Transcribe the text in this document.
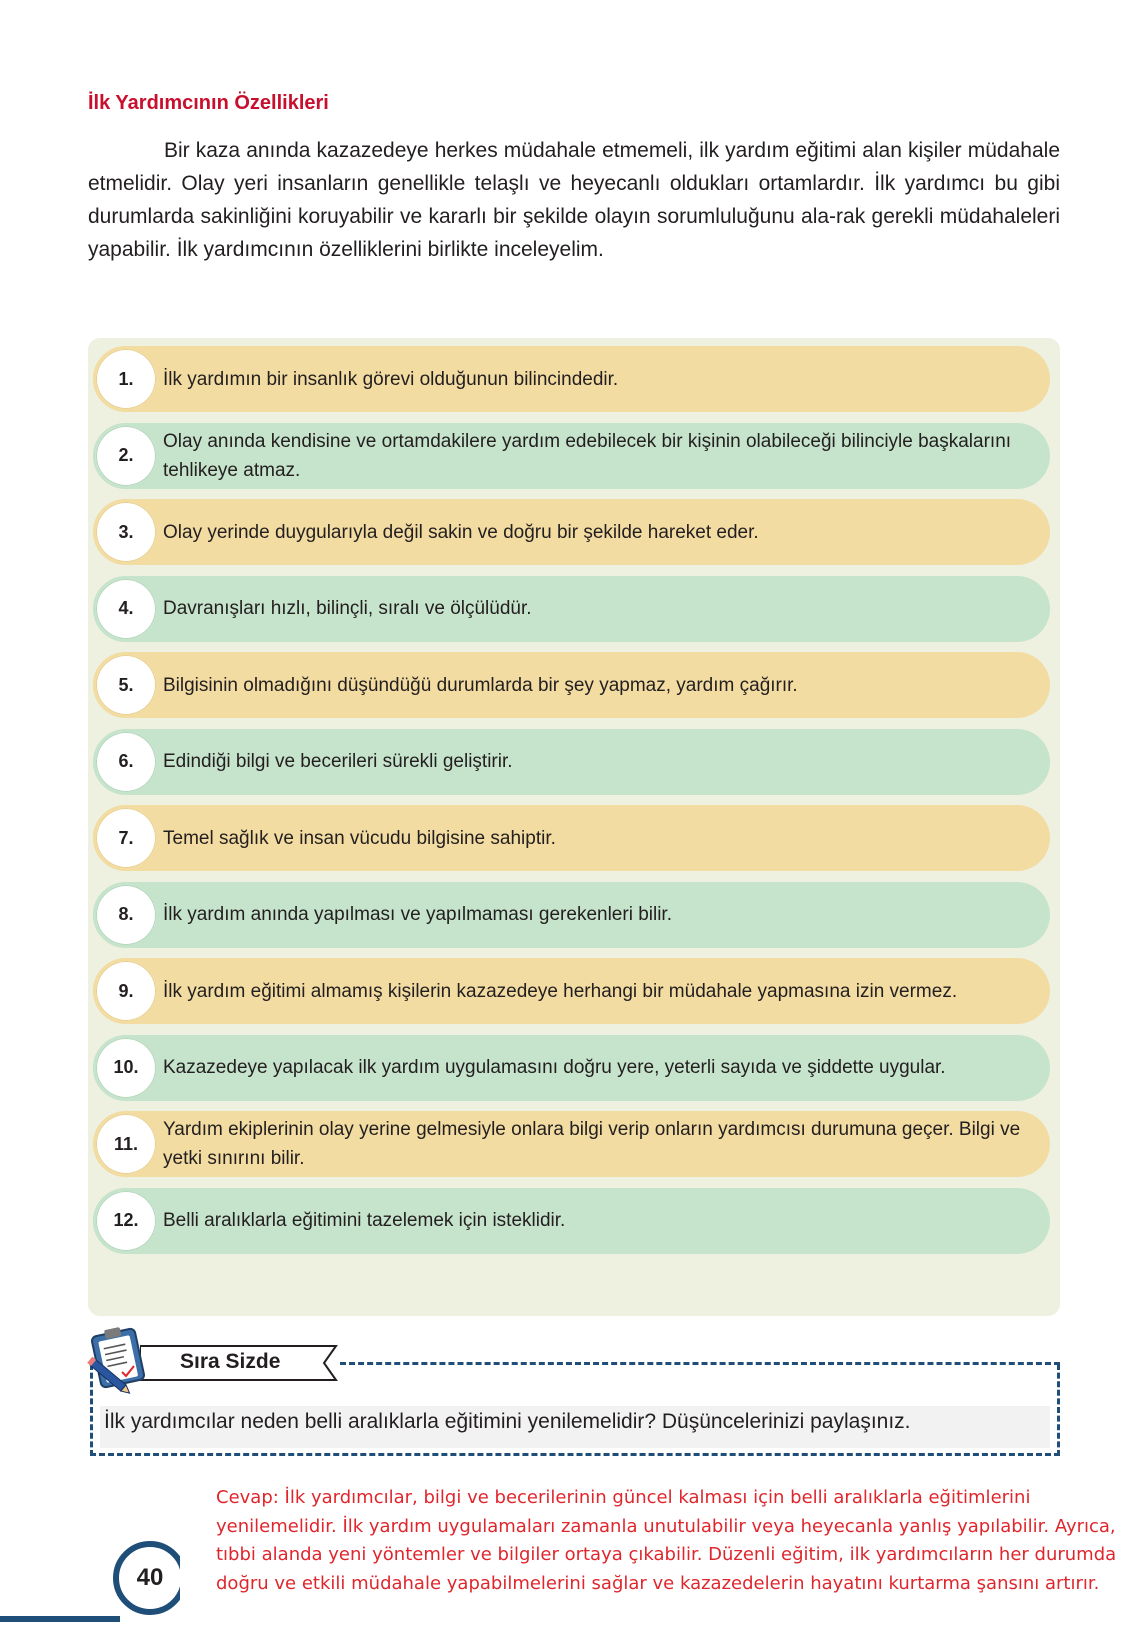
İlk Yardımcının Özellikleri

Bir kaza anında kazazedeye herkes müdahale etmemeli, ilk yardım eğitimi alan kişiler müdahale etmelidir. Olay yeri insanların genellikle telaşlı ve heyecanlı oldukları ortamlardır. İlk yardımcı bu gibi durumlarda sakinliğini koruyabilir ve kararlı bir şekilde olayın sorumluluğunu ala-rak gerekli müdahaleleri yapabilir. İlk yardımcının özelliklerini birlikte inceleyelim.

1.	İlk yardımın bir insanlık görevi olduğunun bilincindedir.
2.
Olay anında kendisine ve ortamdakilere yardım edebilecek bir kişinin olabileceği bilinciyle başkalarını tehlikeye atmaz.
3.	Olay yerinde duygularıyla değil sakin ve doğru bir şekilde hareket eder.
4.	Davranışları hızlı, bilinçli, sıralı ve ölçülüdür.
5.	Bilgisinin olmadığını düşündüğü durumlarda bir şey yapmaz, yardım çağırır.
6.	Edindiği bilgi ve becerileri sürekli geliştirir.
7.	Temel sağlık ve insan vücudu bilgisine sahiptir.
8.	İlk yardım anında yapılması ve yapılmaması gerekenleri bilir.
9.	İlk yardım eğitimi almamış kişilerin kazazedeye herhangi bir müdahale yapmasına izin vermez.
10.	Kazazedeye yapılacak ilk yardım uygulamasını doğru yere, yeterli sayıda ve şiddette uygular.
11.
Yardım ekiplerinin olay yerine gelmesiyle onlara bilgi verip onların yardımcısı durumuna geçer. Bilgi ve yetki sınırını bilir.
12.	Belli aralıklarla eğitimini tazelemek için isteklidir.
Sıra Sizde

İlk yardımcılar neden belli aralıklarla eğitimini yenilemelidir? Düşüncelerinizi paylaşınız.

Cevap: İlk yardımcılar, bilgi ve becerilerinin güncel kalması için belli aralıklarla eğitimlerini yenilemelidir. İlk yardım uygulamaları zamanla unutulabilir veya heyecanla yanlış yapılabilir. Ayrıca, tıbbi alanda yeni yöntemler ve bilgiler ortaya çıkabilir. Düzenli eğitim, ilk yardımcıların her durumda doğru ve etkili müdahale yapabilmelerini sağlar ve kazazedelerin hayatını kurtarma şansını artırır.

40
